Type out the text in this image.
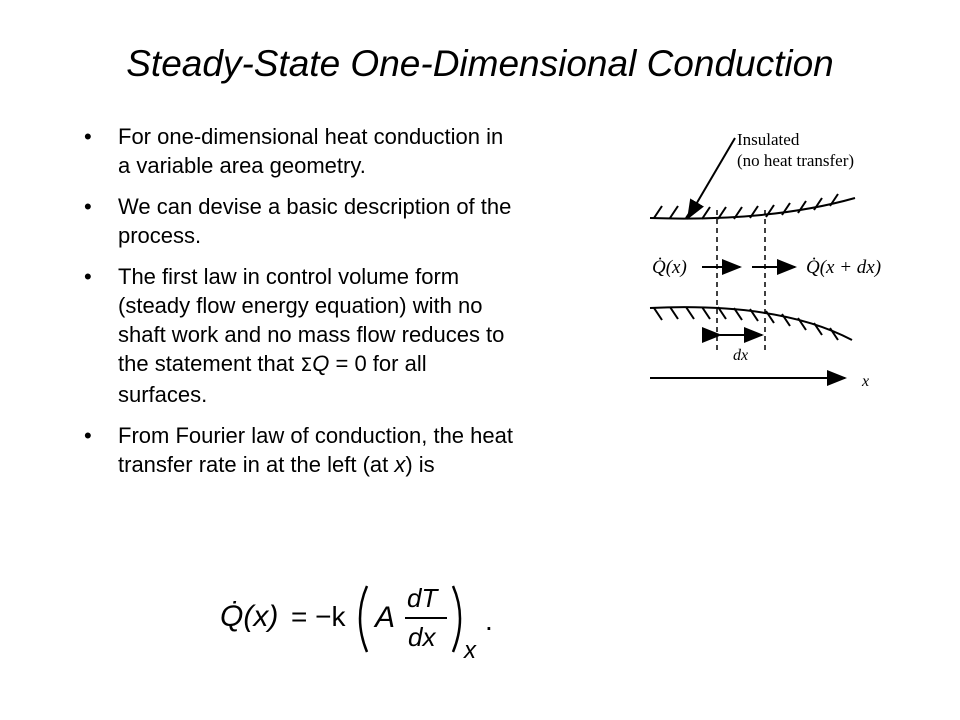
Steady-State One-Dimensional Conduction
• For one-dimensional heat conduction in a variable area geometry.
• We can devise a basic description of the process.
• The first law in control volume form (steady flow energy equation) with no shaft work and no mass flow reduces to the statement that ΣQ = 0 for all surfaces.
• From Fourier law of conduction, the heat transfer rate in at the left (at x) is
Insulated
(no heat transfer)
Q̇(x)	Q̇(x + dx)
dx
x
Q̇(x) = −k A
dT
dx x
.
